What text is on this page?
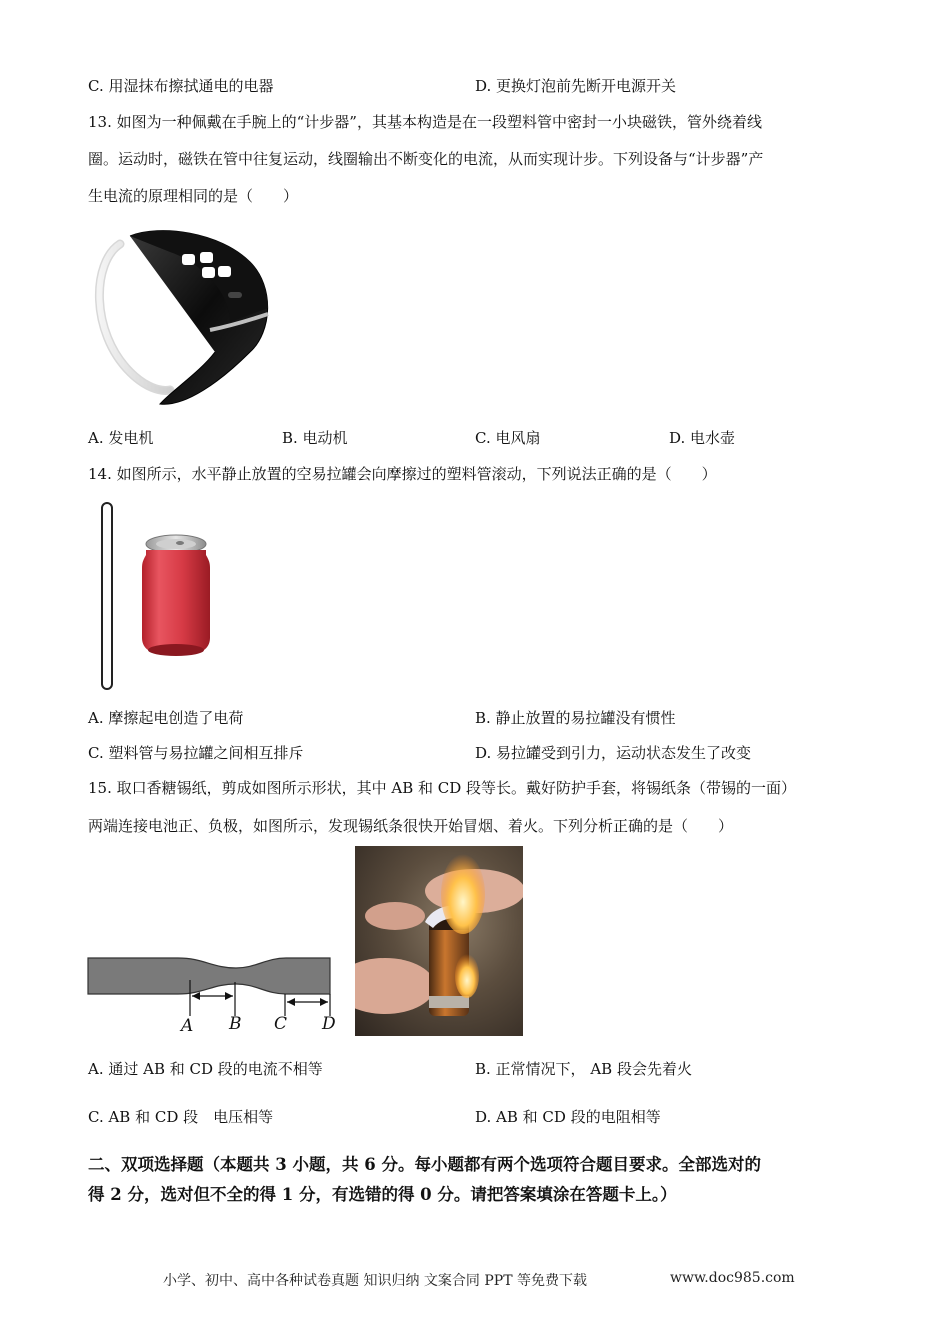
C. 用湿抹布擦拭通电的电器	D. 更换灯泡前先断开电源开关
13. 如图为一种佩戴在手腕上的“计步器”，其基本构造是在一段塑料管中密封一小块磁铁，管外绕着线
圈。运动时，磁铁在管中往复运动，线圈输出不断变化的电流，从而实现计步。下列设备与“计步器”产
生电流的原理相同的是（　　）
A. 发电机	B. 电动机	C. 电风扇	D. 电水壶
14. 如图所示，水平静止放置的空易拉罐会向摩擦过的塑料管滚动，下列说法正确的是（　　）
A. 摩擦起电创造了电荷	B. 静止放置的易拉罐没有惯性
C. 塑料管与易拉罐之间相互排斥	D. 易拉罐受到引力，运动状态发生了改变
15. 取口香糖锡纸，剪成如图所示形状，其中 AB 和 CD 段等长。戴好防护手套，将锡纸条（带锡的一面）
两端连接电池正、负极，如图所示，发现锡纸条很快开始冒烟、着火。下列分析正确的是（　　）
A B C D
A. 通过 AB 和 CD 段的电流不相等	B. 正常情况下， AB 段会先着火
C. AB 和 CD 段　电压相等	D. AB 和 CD 段的电阻相等
二、双项选择题（本题共 3 小题，共 6 分。每小题都有两个选项符合题目要求。全部选对的
得 2 分，选对但不全的得 1 分，有选错的得 0 分。请把答案填涂在答题卡上。）
小学、初中、高中各种试卷真题 知识归纳 文案合同 PPT 等免费下载	www.doc985.com
